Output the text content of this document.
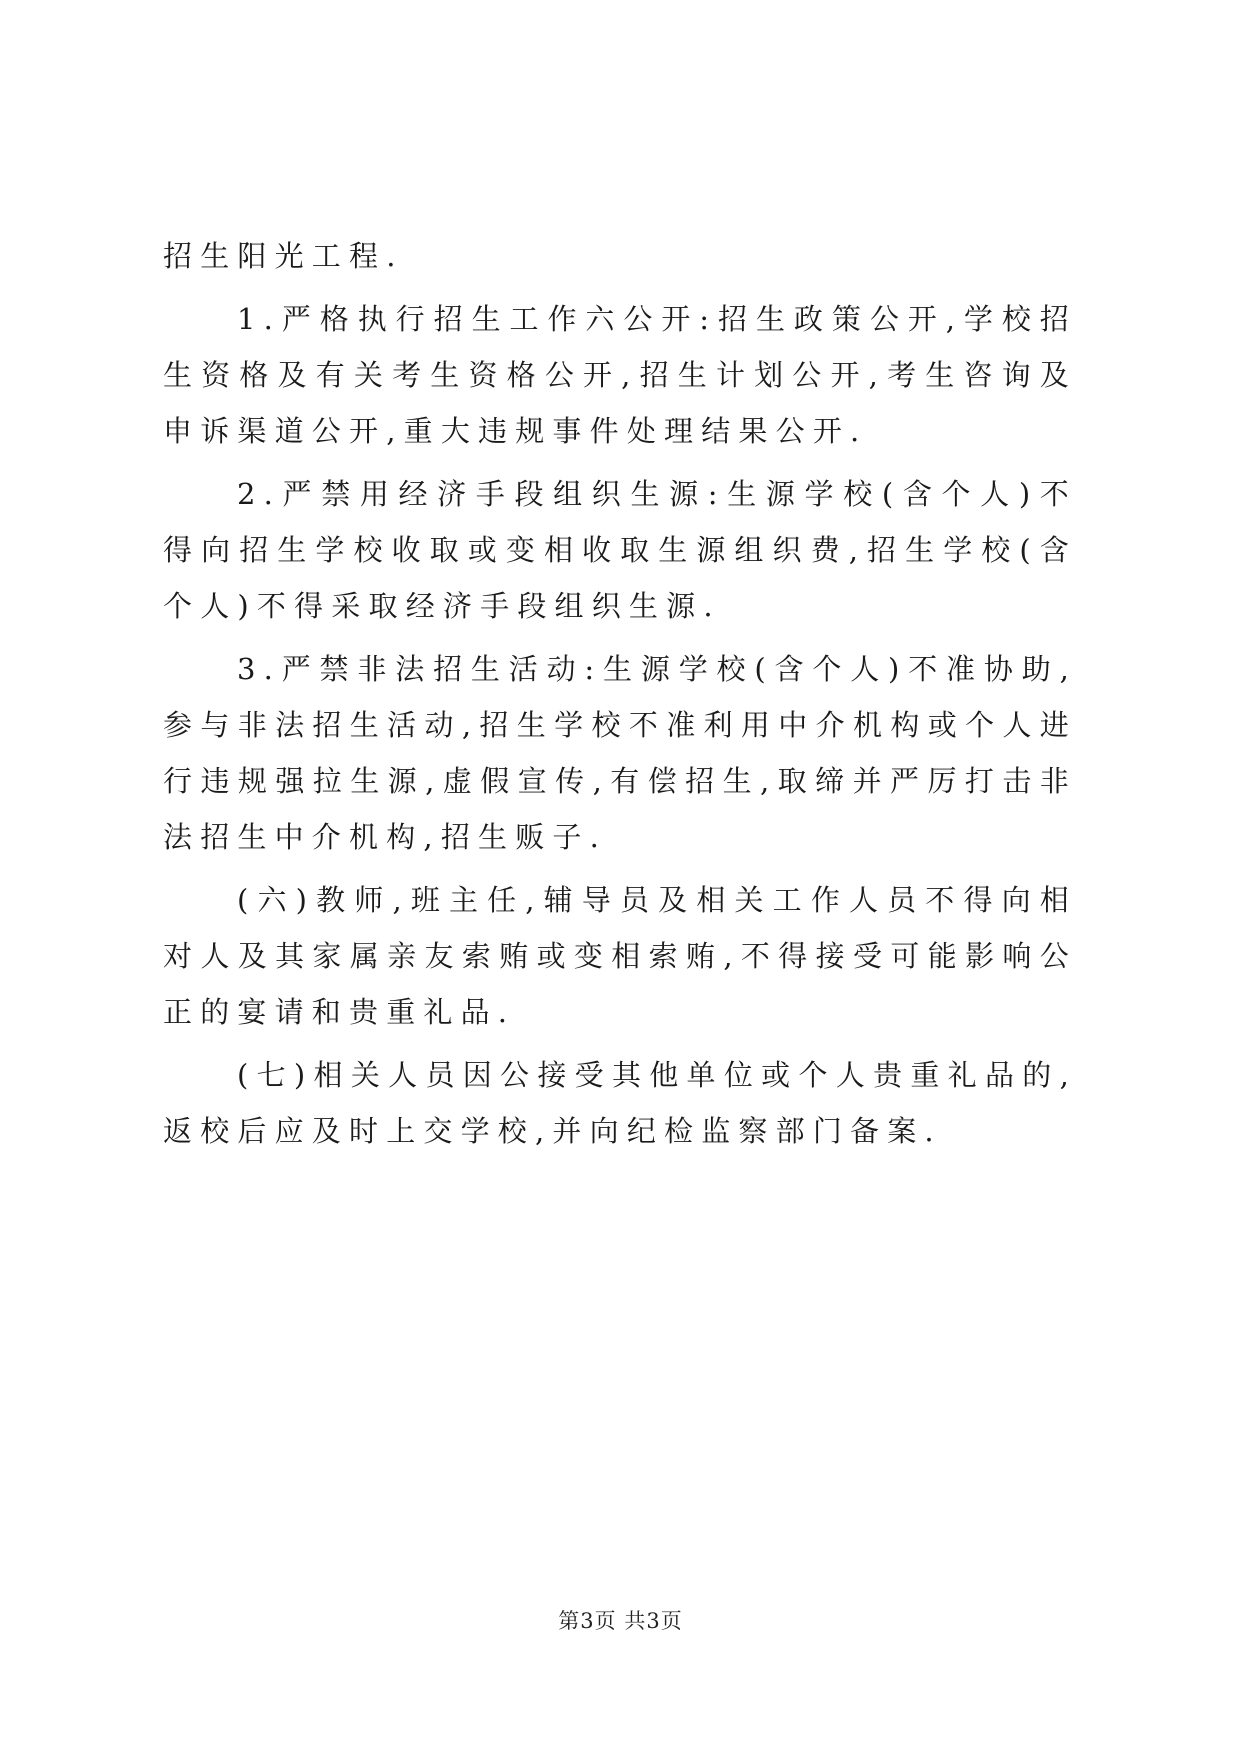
招生阳光工程.

1.严格执行招生工作六公开:招生政策公开,学校招生资格及有关考生资格公开,招生计划公开,考生咨询及申诉渠道公开,重大违规事件处理结果公开.

2.严禁用经济手段组织生源:生源学校(含个人)不得向招生学校收取或变相收取生源组织费,招生学校(含个人)不得采取经济手段组织生源.

3.严禁非法招生活动:生源学校(含个人)不准协助,参与非法招生活动,招生学校不准利用中介机构或个人进行违规强拉生源,虚假宣传,有偿招生,取缔并严厉打击非法招生中介机构,招生贩子.

(六)教师,班主任,辅导员及相关工作人员不得向相对人及其家属亲友索贿或变相索贿,不得接受可能影响公正的宴请和贵重礼品.

(七)相关人员因公接受其他单位或个人贵重礼品的,返校后应及时上交学校,并向纪检监察部门备案.

第3页 共3页
